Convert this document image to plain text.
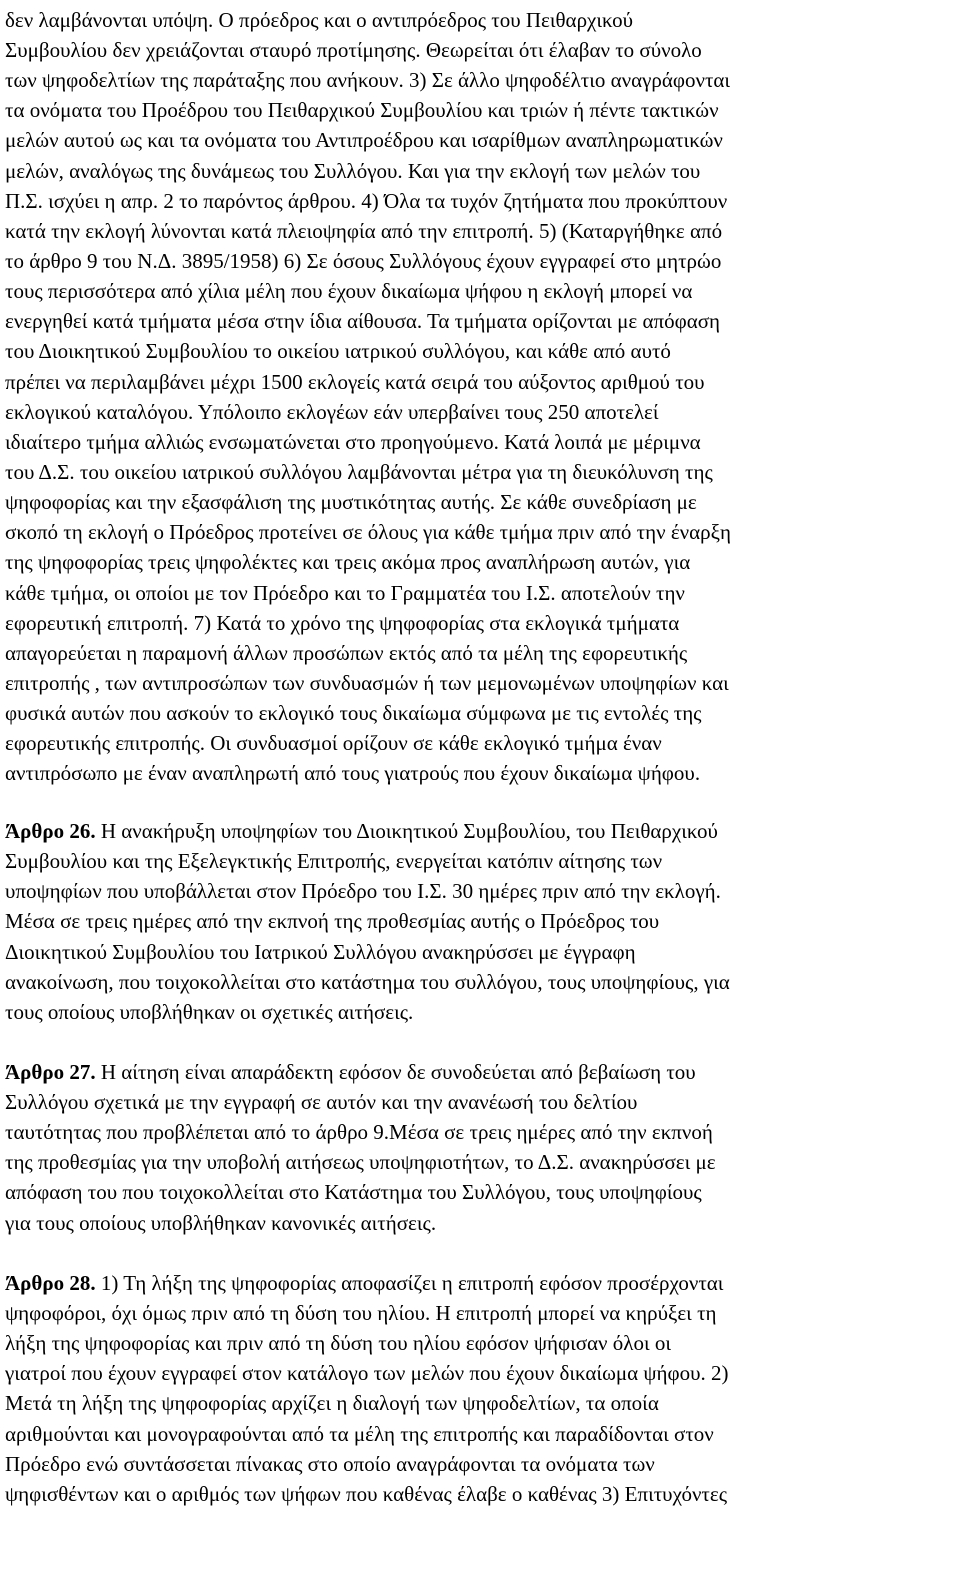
δεν λαμβάνονται υπόψη. Ο πρόεδρος και ο αντιπρόεδρος του Πειθαρχικού
Συμβουλίου δεν χρειάζονται σταυρό προτίμησης. Θεωρείται ότι έλαβαν το σύνολο
των ψηφοδελτίων της παράταξης που ανήκουν. 3) Σε άλλο ψηφοδέλτιο αναγράφονται
τα ονόματα του Προέδρου του Πειθαρχικού Συμβουλίου και τριών ή πέντε τακτικών
μελών αυτού ως και τα ονόματα του Αντιπροέδρου και ισαρίθμων αναπληρωματικών
μελών, αναλόγως της δυνάμεως του Συλλόγου. Και για την εκλογή των μελών του
Π.Σ. ισχύει η απρ. 2 το παρόντος άρθρου. 4) Όλα τα τυχόν ζητήματα που προκύπτουν
κατά την εκλογή λύνονται κατά πλειοψηφία από την επιτροπή. 5) (Καταργήθηκε από
το άρθρο 9 του Ν.Δ. 3895/1958) 6) Σε όσους Συλλόγους έχουν εγγραφεί στο μητρώο
τους περισσότερα από χίλια μέλη που έχουν δικαίωμα ψήφου η εκλογή μπορεί να
ενεργηθεί κατά τμήματα μέσα στην ίδια αίθουσα. Τα τμήματα ορίζονται με απόφαση
του Διοικητικού Συμβουλίου το οικείου ιατρικού συλλόγου, και κάθε από αυτό
πρέπει να περιλαμβάνει μέχρι 1500 εκλογείς κατά σειρά του αύξοντος αριθμού του
εκλογικού καταλόγου. Υπόλοιπο εκλογέων εάν υπερβαίνει τους 250 αποτελεί
ιδιαίτερο τμήμα αλλιώς ενσωματώνεται στο προηγούμενο. Κατά λοιπά με μέριμνα
του Δ.Σ. του οικείου ιατρικού συλλόγου λαμβάνονται μέτρα για τη διευκόλυνση της
ψηφοφορίας και την εξασφάλιση της μυστικότητας αυτής. Σε κάθε συνεδρίαση με
σκοπό τη εκλογή ο Πρόεδρος προτείνει σε όλους για κάθε τμήμα πριν από την έναρξη
της ψηφοφορίας τρεις ψηφολέκτες και τρεις ακόμα προς αναπλήρωση αυτών, για
κάθε τμήμα, οι οποίοι με τον Πρόεδρο και το Γραμματέα του Ι.Σ. αποτελούν την
εφορευτική επιτροπή. 7) Κατά το χρόνο της ψηφοφορίας στα εκλογικά τμήματα
απαγορεύεται η παραμονή άλλων προσώπων εκτός από τα μέλη της εφορευτικής
επιτροπής , των αντιπροσώπων των συνδυασμών ή των μεμονωμένων υποψηφίων και
φυσικά αυτών που ασκούν το εκλογικό τους δικαίωμα σύμφωνα με τις εντολές της
εφορευτικής επιτροπής. Οι συνδυασμοί ορίζουν σε κάθε εκλογικό τμήμα έναν
αντιπρόσωπο με έναν αναπληρωτή από τους γιατρούς που έχουν δικαίωμα ψήφου.
Άρθρο 26. Η ανακήρυξη υποψηφίων του Διοικητικού Συμβουλίου, του Πειθαρχικού
Συμβουλίου και της Εξελεγκτικής Επιτροπής, ενεργείται κατόπιν αίτησης των
υποψηφίων που υποβάλλεται στον Πρόεδρο του Ι.Σ. 30 ημέρες πριν από την εκλογή.
Μέσα σε τρεις ημέρες από την εκπνοή της προθεσμίας αυτής ο Πρόεδρος του
Διοικητικού Συμβουλίου του Ιατρικού Συλλόγου ανακηρύσσει με έγγραφη
ανακοίνωση, που τοιχοκολλείται στο κατάστημα του συλλόγου, τους υποψηφίους, για
τους οποίους υποβλήθηκαν οι σχετικές αιτήσεις.
Άρθρο 27. Η αίτηση είναι απαράδεκτη εφόσον δε συνοδεύεται από βεβαίωση του
Συλλόγου σχετικά με την εγγραφή σε αυτόν και την ανανέωσή του δελτίου
ταυτότητας που προβλέπεται από το άρθρο 9.Μέσα σε τρεις ημέρες από την εκπνοή
της προθεσμίας για την υποβολή αιτήσεως υποψηφιοτήτων, το Δ.Σ. ανακηρύσσει με
απόφαση του που τοιχοκολλείται στο Κατάστημα του Συλλόγου, τους υποψηφίους
για τους οποίους υποβλήθηκαν κανονικές αιτήσεις.
Άρθρο 28. 1) Τη λήξη της ψηφοφορίας αποφασίζει η επιτροπή εφόσον προσέρχονται
ψηφοφόροι, όχι όμως πριν από τη δύση του ηλίου. Η επιτροπή μπορεί να κηρύξει τη
λήξη της ψηφοφορίας και πριν από τη δύση του ηλίου εφόσον ψήφισαν όλοι οι
γιατροί που έχουν εγγραφεί στον κατάλογο των μελών που έχουν δικαίωμα ψήφου. 2)
Μετά τη λήξη της ψηφοφορίας αρχίζει η διαλογή των ψηφοδελτίων, τα οποία
αριθμούνται και μονογραφούνται από τα μέλη της επιτροπής και παραδίδονται στον
Πρόεδρο ενώ συντάσσεται πίνακας στο οποίο αναγράφονται τα ονόματα των
ψηφισθέντων και ο αριθμός των ψήφων που καθένας έλαβε ο καθένας 3) Επιτυχόντες
